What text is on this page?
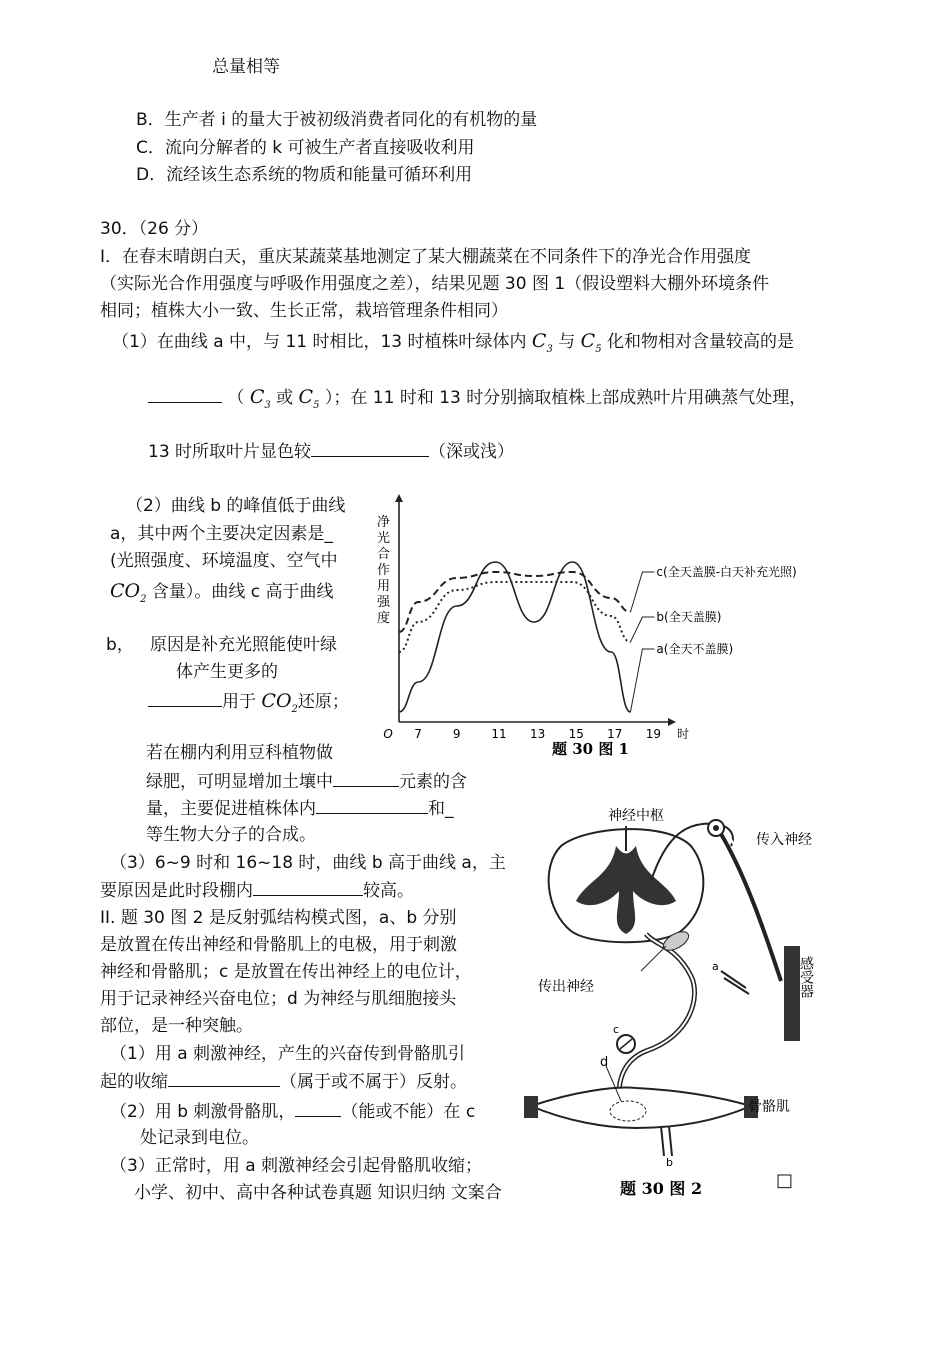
总量相等
B．生产者 i 的量大于被初级消费者同化的有机物的量
C．流向分解者的 k 可被生产者直接吸收利用
D．流经该生态系统的物质和能量可循环利用
30．（26 分）
I．在春末晴朗白天，重庆某蔬菜基地测定了某大棚蔬菜在不同条件下的净光合作用强度
（实际光合作用强度与呼吸作用强度之差），结果见题 30 图 1（假设塑料大棚外环境条件
相同；植株大小一致、生长正常，栽培管理条件相同）
（1）在曲线 a 中，与 11 时相比，13 时植株叶绿体内 $C_3$ 与 $C_5$ 化和物相对含量较高的是
（ $C_3$ 或 $C_5$ ）；在 11 时和 13 时分别摘取植株上部成熟叶片用碘蒸气处理，
13 时所取叶片显色较	（深或浅）
（2）曲线 b 的峰值低于曲线
a，其中两个主要决定因素是_
(光照强度、环境温度、空气中
$CO_2$ 含量）。曲线 c 高于曲线
b， 原因是补充光照能使叶绿
体产生更多的
用于 $CO_2$还原；
若在棚内利用豆科植物做
绿肥，可明显增加土壤中	元素的含
量，主要促进植株体内	和_
等生物大分子的合成。
（3）6~9 时和 16~18 时，曲线 b 高于曲线 a，主
要原因是此时段棚内	较高。
II. 题 30 图 2 是反射弧结构模式图，a、b 分别
是放置在传出神经和骨骼肌上的电极，用于刺激
神经和骨骼肌；c 是放置在传出神经上的电位计，
用于记录神经兴奋电位；d 为神经与肌细胞接头
部位，是一种突触。
（1）用 a 刺激神经，产生的兴奋传到骨骼肌引
起的收缩	（属于或不属于）反射。
（2）用 b 刺激骨骼肌，	（能或不能）在 c
处记录到电位。
（3）正常时，用 a 刺激神经会引起骨骼肌收缩；
小学、初中、高中各种试卷真题 知识归纳 文案合
□
O 7	9	11 13 15 17 19 时
c(全天盖膜-白天补充光照)
b(全天盖膜)
a(全天不盖膜)
题 30 图 1
净
光
合
作
用
强
度
神经中枢
传入神经
传出神经	感受器
骨骼肌
a
b
c
d
题 30 图 2
